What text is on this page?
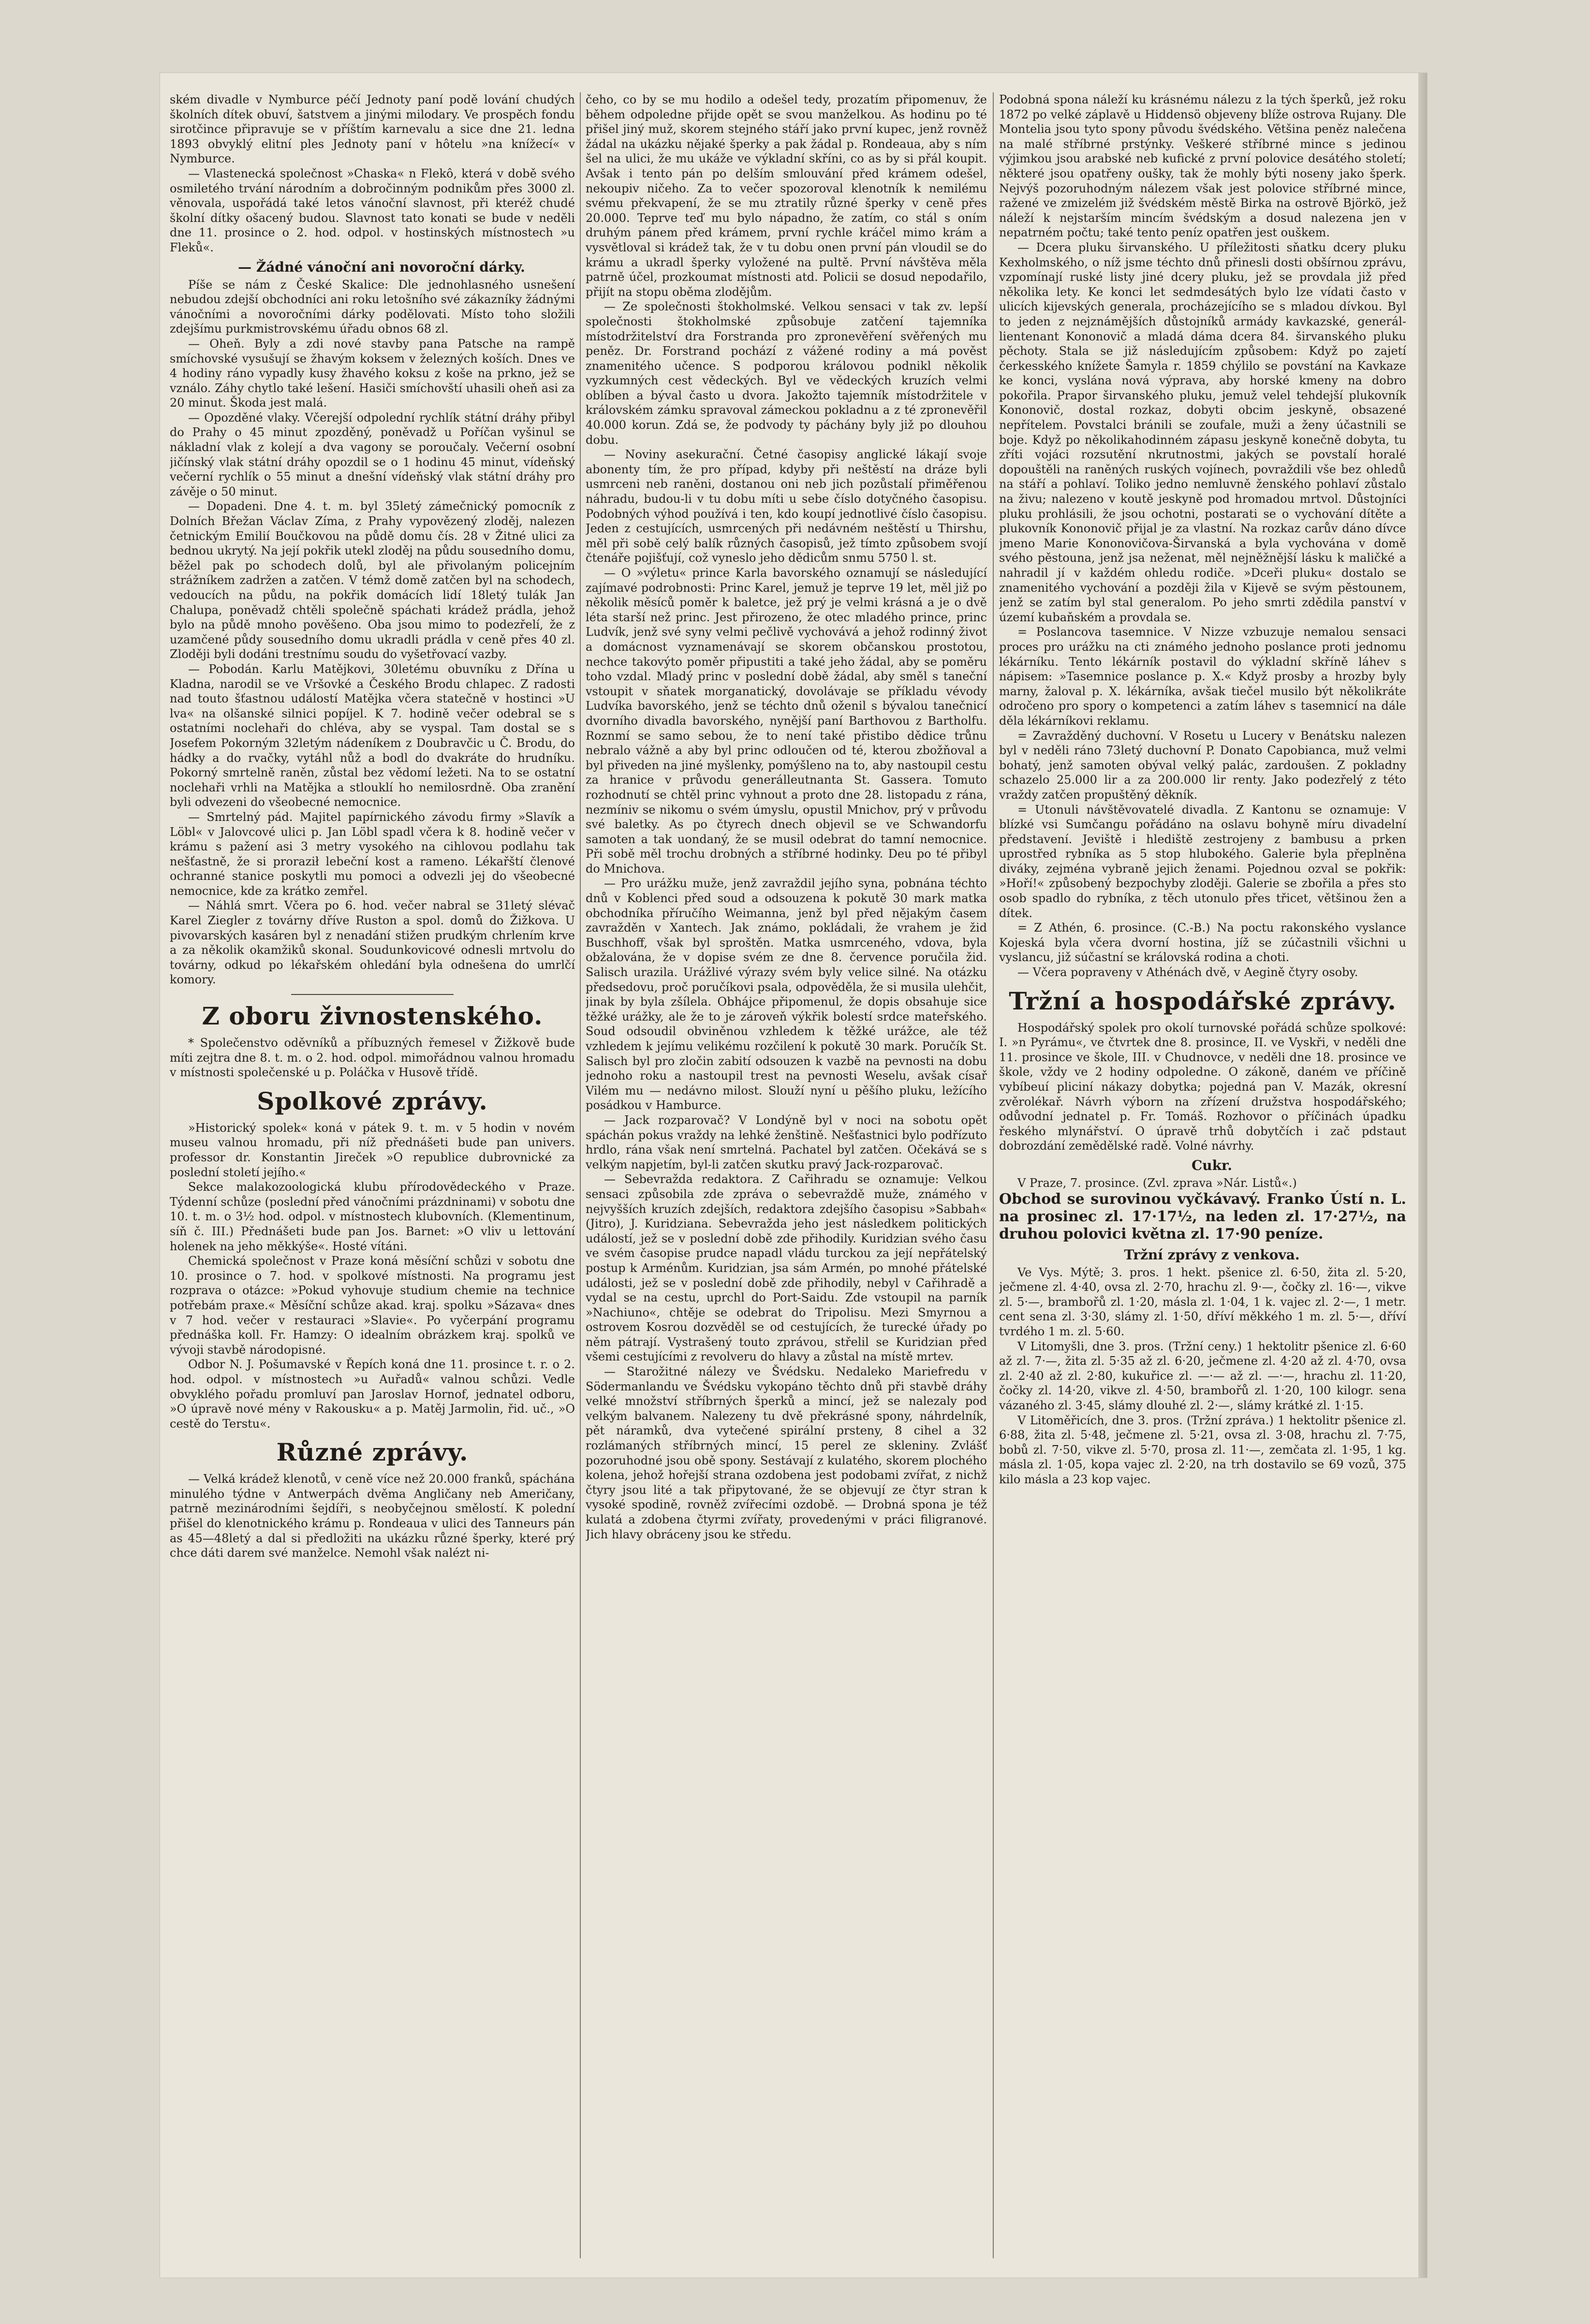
ském divadle v Nymburce péčí Jednoty paní podě lování chudých školních dítek obuví, šatstvem a jinými milodary. Ve prospěch fondu sirotčince připravuje se v příštím karnevalu a sice dne 21. ledna 1893 obvyklý elitní ples Jednoty paní v hôtelu »na knížecí« v Nymburce.

— Vlastenecká společnost »Chaska« n Flekô, která v době svého osmiletého trvání národním a dobročinným podnikům přes 3000 zl. věnovala, uspořádá také letos vánoční slavnost, při kteréž chudé školní dítky ošacený budou. Slavnost tato konati se bude v neděli dne 11. prosince o 2. hod. odpol. v hostinských místnostech »u Fleků«.

— Žádné vánoční ani novoroční dárky.

Píše se nám z České Skalice: Dle jednohlasného usnešení nebudou zdejší obchodníci ani roku letošního své zákazníky žádnými vánočními a novoročními dárky podělovati. Místo toho složili zdejšímu purkmistrovskému úřadu obnos 68 zl.

— Oheň. Byly a zdi nové stavby pana Patsche na rampě smíchovské vysušují se žhavým koksem v železných koších. Dnes ve 4 hodiny ráno vypadly kusy žhavého koksu z koše na prkno, jež se vználo. Záhy chytlo také lešení. Hasiči smíchovští uhasili oheň asi za 20 minut. Škoda jest malá.

— Opozděné vlaky. Včerejší odpolední rychlík státní dráhy přibyl do Prahy o 45 minut zpozděný, poněvadž u Poříčan vyšinul se nákladní vlak z kolejí a dva vagony se poroučaly. Večerní osobní jičínský vlak státní dráhy opozdil se o 1 hodinu 45 minut, vídeňský večerní rychlík o 55 minut a dnešní vídeňský vlak státní dráhy pro závěje o 50 minut.

— Dopadeni. Dne 4. t. m. byl 35letý zámečnický pomocník z Dolních Břežan Václav Zíma, z Prahy vypovězený zloděj, nalezen četnickým Emilií Boučkovou na půdě domu čís. 28 v Žitné ulici za bednou ukrytý. Na její pokřik utekl zloděj na půdu sousedního domu, běžel pak po schodech dolů, byl ale přivolaným policejním strážníkem zadržen a zatčen. V témž domě zatčen byl na schodech, vedoucích na půdu, na pokřik domácích lidí 18letý tulák Jan Chalupa, poněvadž chtěli společně spáchati krádež prádla, jehož bylo na půdě mnoho pověšeno. Oba jsou mimo to podezřelí, že z uzamčené půdy sousedního domu ukradli prádla v ceně přes 40 zl. Zloději byli dodáni trestnímu soudu do vyšetřovací vazby.

— Pobodán. Karlu Matějkovi, 30letému obuvníku z Dřína u Kladna, narodil se ve Vršovké a Českého Brodu chlapec. Z radosti nad touto šťastnou událostí Matějka včera statečně v hostinci »U lva« na olšanské silnici popíjel. K 7. hodině večer odebral se s ostatními noclehaři do chléva, aby se vyspal. Tam dostal se s Josefem Pokorným 32letým nádeníkem z Doubravčic u Č. Brodu, do hádky a do rvačky, vytáhl nůž a bodl do dvakráte do hrudníku. Pokorný smrtelně raněn, zůstal bez vědomí ležeti. Na to se ostatní noclehaři vrhli na Matějka a stlouklí ho nemilosrdně. Oba zranění byli odvezeni do všeobecné nemocnice.

— Smrtelný pád. Majitel papírnického závodu firmy »Slavík a Löbl« v Jalovcové ulici p. Jan Löbl spadl včera k 8. hodině večer v krámu s pažení asi 3 metry vysokého na cihlovou podlahu tak nešťastně, že si proraził lebeční kost a rameno. Lékařští členové ochranné stanice poskytli mu pomoci a odvezli jej do všeobecné nemocnice, kde za krátko zemřel.

— Náhlá smrt. Včera po 6. hod. večer nabral se 31letý slévač Karel Ziegler z továrny dříve Ruston a spol. domů do Žižkova. U pivovarských kasáren byl z nenadání stižen prudkým chrlením krve a za několik okamžiků skonal. Soudunkovicové odnesli mrtvolu do továrny, odkud po lékařském ohledání byla odnešena do umrlčí komory.

Z oboru živnostenského.

* Společenstvo oděvníků a příbuzných řemesel v Žižkově bude míti zejtra dne 8. t. m. o 2. hod. odpol. mimořádnou valnou hromadu v místnosti společenské u p. Poláčka v Husově třídě.

Spolkové zprávy.

»Historický spolek« koná v pátek 9. t. m. v 5 hodin v novém museu valnou hromadu, při níž přednášeti bude pan univers. professor dr. Konstantin Jireček »O republice dubrovnické za poslední století jejího.«

Sekce malakozoologická klubu přírodovědeckého v Praze. Týdenní schůze (poslední před vánočními prázdninami) v sobotu dne 10. t. m. o 3½ hod. odpol. v místnostech klubovních. (Klementinum, síň č. III.) Přednášeti bude pan Jos. Barnet: »O vliv u lettování holenek na jeho měkkýše«. Hosté vítáni.

Chemická společnost v Praze koná měsíční schůzi v sobotu dne 10. prosince o 7. hod. v spolkové místnosti. Na programu jest rozprava o otázce: »Pokud vyhovuje studium chemie na technice potřebám praxe.« Měsíční schůze akad. kraj. spolku »Sázava« dnes v 7 hod. večer v restauraci »Slavie«. Po vyčerpání programu přednáška koll. Fr. Hamzy: O idealním obrázkem kraj. spolků ve vývoji stavbě národopisné.

Odbor N. J. Pošumavské v Řepích koná dne 11. prosince t. r. o 2. hod. odpol. v místnostech »u Auřadů« valnou schůzi. Vedle obvyklého pořadu promluví pan Jaroslav Hornof, jednatel odboru, »O úpravě nové mény v Rakousku« a p. Matěj Jarmolin, řid. uč., »O cestě do Terstu«.

Různé zprávy.

— Velká krádež klenotů, v ceně více než 20.000 franků, spáchána minulého týdne v Antwerpách dvěma Angličany neb Američany, patrně mezinárodními šejdíři, s neobyčejnou smělostí. K polední přišel do klenotnického krámu p. Rondeaua v ulici des Tanneurs pán as 45—48letý a dal si předložiti na ukázku různé šperky, které prý chce dáti darem své manželce. Nemohl však nalézt ni-

čeho, co by se mu hodilo a odešel tedy, prozatím připomenuv, že během odpoledne přijde opět se svou manželkou. As hodinu po té přišel jiný muž, skorem stejného stáří jako první kupec, jenž rovněž žádal na ukázku nějaké šperky a pak žádal p. Rondeaua, aby s ním šel na ulici, že mu ukáže ve výkladní skříni, co as by si přál koupit. Avšak i tento pán po delším smlouvání před krámem odešel, nekoupiv ničeho. Za to večer spozoroval klenotník k nemilému svému překvapení, že se mu ztratily různé šperky v ceně přes 20.000. Teprve teď mu bylo nápadno, že zatím, co stál s oním druhým pánem před krámem, první rychle kráčel mimo krám a vysvětloval si krádež tak, že v tu dobu onen první pán vloudil se do krámu a ukradl šperky vyložené na pultě. První návštěva měla patrně účel, prozkoumat místnosti atd. Policii se dosud nepodařilo, přijít na stopu oběma zlodějům.

— Ze společnosti štokholmské. Velkou sensaci v tak zv. lepší společnosti štokholmské způsobuje zatčení tajemníka místodržitelství dra Forstranda pro zpronevěření svěřených mu peněz. Dr. Forstrand pochází z vážené rodiny a má pověst znamenitého učence. S podporou královou podnikl několik vyzkumných cest vědeckých. Byl ve vědeckých kruzích velmi oblíben a býval často u dvora. Jakožto tajemník místodržitele v královském zámku spravoval zámeckou pokladnu a z té zpronevěřil 40.000 korun. Zdá se, že podvody ty páchány byly již po dlouhou dobu.

— Noviny asekurační. Četné časopisy anglické lákají svoje abonenty tím, že pro případ, kdyby při neštěstí na dráze byli usmrceni neb raněni, dostanou oni neb jich pozůstalí přiměřenou náhradu, budou-li v tu dobu míti u sebe číslo dotyčného časopisu. Podobných výhod používá i ten, kdo koupí jednotlivé číslo časopisu. Jeden z cestujících, usmrcených při nedávném neštěstí u Thirshu, měl při sobě celý balík různých časopisů, jež tímto způsobem svojí čtenáře pojišťují, což vyneslo jeho dědicům snmu 5750 l. st.

— O »výletu« prince Karla bavorského oznamují se následující zajímavé podrobnosti: Princ Karel, jemuž je teprve 19 let, měl již po několik měsíců poměr k baletce, jež prý je velmi krásná a je o dvě léta starší než princ. Jest přirozeno, že otec mladého prince, princ Ludvík, jenž své syny velmi pečlivě vychovává a jehož rodinný život a domácnost vyznamenávají se skorem občanskou prostotou, nechce takovýto poměr připustiti a také jeho žádal, aby se poměru toho vzdal. Mladý princ v poslední době žádal, aby směl s taneční vstoupit v sňatek morganatický, dovolávaje se příkladu vévody Ludvíka bavorského, jenž se téchto dnů oženil s bývalou tanečnicí dvorního divadla bavorského, nynější paní Barthovou z Bartholfu. Roznmí se samo sebou, že to není také přistibo dědice trůnu nebralo vážně a aby byl princ odloučen od té, kterou zbožňoval a byl přiveden na jiné myšlenky, pomýšleno na to, aby nastoupil cestu za hranice v průvodu generálleutnanta St. Gassera. Tomuto rozhodnutí se chtěl princ vyhnout a proto dne 28. listopadu z rána, nezmíniv se nikomu o svém úmyslu, opustil Mnichov, prý v průvodu své baletky. As po čtyrech dnech objevil se ve Schwandorfu samoten a tak uondaný, že se musil odebrat do tamní nemocnice. Při sobě měl trochu drobných a stříbrné hodinky. Deu po té přibyl do Mnichova.

— Pro urážku muže, jenž zavraždil jejího syna, pobnána téchto dnů v Koblenci před soud a odsouzena k pokutě 30 mark matka obchodníka příručího Weimanna, jenž byl před nějakým časem zavražděn v Xantech. Jak známo, pokládali, že vrahem je žid Buschhoff, však byl sproštěn. Matka usmrceného, vdova, byla obžalována, že v dopise svém ze dne 8. července poručila žid. Salisch urazila. Urážlivé výrazy svém byly velice silné. Na otázku předsedovu, proč poručíkovi psala, odpověděla, že si musila ulehčit, jinak by byla zšílela. Obhájce připomenul, že dopis obsahuje sice těžké urážky, ale že to je zároveň výkřik bolestí srdce mateřského. Soud odsoudil obviněnou vzhledem k těžké urážce, ale též vzhledem k jejímu velikému rozčilení k pokutě 30 mark. Poručík St. Salisch byl pro zločin zabití odsouzen k vazbě na pevnosti na dobu jednoho roku a nastoupil trest na pevnosti Weselu, avšak císař Vilém mu — nedávno milost. Slouží nyní u pěšího pluku, ležícího posádkou v Hamburce.

— Jack rozparovač? V Londýně byl v noci na sobotu opět spáchán pokus vraždy na lehké ženštině. Nešťastnici bylo podřízuto hrdlo, rána však není smrtelná. Pachatel byl zatčen. Očekává se s velkým napjetím, byl-li zatčen skutku pravý Jack-rozparovač.

— Sebevražda redaktora. Z Cařihradu se oznamuje: Velkou sensaci způsobila zde zpráva o sebevraždě muže, známého v nejvyšších kruzích zdejších, redaktora zdejšího časopisu »Sabbah« (Jitro), J. Kuridziana. Sebevražda jeho jest následkem politických událostí, jež se v poslední době zde přihodily. Kuridzian svého času ve svém časopise prudce napadl vládu turckou za její nepřátelský postup k Arménům. Kuridzian, jsa sám Armén, po mnohé přátelské události, jež se v poslední době zde přihodily, nebyl v Cařihradě a vydal se na cestu, uprchl do Port-Saidu. Zde vstoupil na parník »Nachiuno«, chtěje se odebrat do Tripolisu. Mezi Smyrnou a ostrovem Kosrou dozvěděl se od cestujících, že turecké úřady po něm pátrají. Vystrašený touto zprávou, střelil se Kuridzian před všemi cestujícími z revolveru do hlavy a zůstal na místě mrtev.

— Starožitné nálezy ve Švédsku. Nedaleko Mariefredu v Södermanlandu ve Švédsku vykopáno těchto dnů při stavbě dráhy velké množství stříbrných šperků a mincí, jež se nalezaly pod velkým balvanem. Nalezeny tu dvě překrásné spony, náhrdelník, pět náramků, dva vytečené spirální prsteny, 8 cihel a 32 rozlámaných stříbrných mincí, 15 perel ze skleniny. Zvlášť pozoruhodné jsou obě spony. Sestávají z kulatého, skorem plochého kolena, jehož hořejší strana ozdobena jest podobami zvířat, z nichž čtyry jsou lité a tak připytované, že se objevují ze čtyr stran k vysoké spodině, rovněž zvířecími ozdobě. — Drobná spona je též kulatá a zdobena čtyrmi zvířaty, provedenými v práci filigranové. Jich hlavy obráceny jsou ke středu.

Podobná spona náleží ku krásnému nálezu z la tých šperků, jež roku 1872 po velké záplavě u Hiddensö objeveny blíže ostrova Rujany. Dle Montelia jsou tyto spony původu švédského. Většina peněz nalečena na malé stříbrné prstýnky. Veškeré stříbrné mince s jedinou výjimkou jsou arabské neb kufické z první polovice desátého století; některé jsou opatřeny oušky, tak že mohly býti noseny jako šperk. Nejvýš pozoruhodným nálezem však jest polovice stříbrné mince, ražené ve zmizelém již švédském městě Birka na ostrově Björkö, jež náleží k nejstarším mincím švédským a dosud nalezena jen v nepatrném počtu; také tento peníz opatřen jest ouškem.

— Dcera pluku širvanského. U příležitosti sňatku dcery pluku Kexholmského, o níž jsme téchto dnů přinesli dosti obšírnou zprávu, vzpomínají ruské listy jiné dcery pluku, jež se provdala již před několika lety. Ke konci let sedmdesátých bylo lze vídati často v ulicích kijevských generala, procházejícího se s mladou dívkou. Byl to jeden z nejznámějších důstojníků armády kavkazské, generál-lientenant Kononovič a mladá dáma dcera 84. širvanského pluku pěchoty. Stala se již následujícím způsobem: Když po zajetí čerkesského knížete Šamyla r. 1859 chýlilo se povstání na Kavkaze ke konci, vyslána nová výprava, aby horské kmeny na dobro pokořila. Prapor širvanského pluku, jemuž velel tehdejší plukovník Kononovič, dostal rozkaz, dobyti obcim jeskyně, obsazené nepřítelem. Povstalci bránili se zoufale, muži a ženy účastnili se boje. Když po několikahodinném zápasu jeskyně konečně dobyta, tu zříti vojáci rozsutění nkrutnostmi, jakých se povstalí horalé dopouštěli na raněných ruských vojínech, povraždili vše bez ohledů na stáří a pohlaví. Toliko jedno nemluvně ženského pohlaví zůstalo na živu; nalezeno v koutě jeskyně pod hromadou mrtvol. Důstojníci pluku prohlásili, že jsou ochotni, postarati se o vychování dítěte a plukovník Kononovič přijal je za vlastní. Na rozkaz carův dáno dívce jmeno Marie Kononovičova-Širvanská a byla vychována v domě svého pěstouna, jenž jsa neženat, měl nejněžnější lásku k maličké a nahradil jí v každém ohledu rodiče. »Dceři pluku« dostalo se znamenitého vychování a později žila v Kijevě se svým pěstounem, jenž se zatím byl stal generalom. Po jeho smrti zdědila panství v území kubaňském a provdala se.

= Poslancova tasemnice. V Nizze vzbuzuje nemalou sensaci proces pro urážku na cti známého jednoho poslance proti jednomu lékárníku. Tento lékárník postavil do výkladní skříně láhev s nápisem: »Tasemnice poslance p. X.« Když prosby a hrozby byly marny, žaloval p. X. lékárníka, avšak tiečel musilo být několikráte odročeno pro spory o kompetenci a zatím láhev s tasemnicí na dále děla lékárníkovi reklamu.

= Zavražděný duchovní. V Rosetu u Lucery v Benátsku nalezen byl v neděli ráno 73letý duchovní P. Donato Capobianca, muž velmi bohatý, jenž samoten obýval velký palác, zardoušen. Z pokladny schazelo 25.000 lir a za 200.000 lir renty. Jako podezřelý z této vraždy zatčen propuštěný děkník.

= Utonuli návštěvovatelé divadla. Z Kantonu se oznamuje: V blízké vsi Sumčangu pořádáno na oslavu bohyně míru divadelní představení. Jeviště i hlediště zestrojeny z bambusu a prken uprostřed rybníka as 5 stop hlubokého. Galerie byla přeplněna diváky, zejména vybraně jejich ženami. Pojednou ozval se pokřik: »Hoří!« způsobený bezpochyby zloději. Galerie se zbořila a přes sto osob spadlo do rybníka, z těch utonulo přes třicet, většinou žen a dítek.

= Z Athén, 6. prosince. (C.-B.) Na poctu rakonského vyslance Kojeská byla včera dvorní hostina, jíž se zúčastnili všichni u vyslancu, již súčastní se královská rodina a choti.

— Včera popraveny v Athénách dvě, v Aegině čtyry osoby.

Tržní a hospodářské zprávy.

Hospodářský spolek pro okolí turnovské pořádá schůze spolkové: I. »n Pyrámu«, ve čtvrtek dne 8. prosince, II. ve Vyskři, v neděli dne 11. prosince ve škole, III. v Chudnovce, v neděli dne 18. prosince ve škole, vždy ve 2 hodiny odpoledne. O zákoně, daném ve příčině vybíbeuí pliciní nákazy dobytka; pojedná pan V. Mazák, okresní zvěrolékař. Návrh výborn na zřízení družstva hospodářského; odůvodní jednatel p. Fr. Tomáš. Rozhovor o příčinách úpadku řeského mlynářství. O úpravě trhů dobytčích i zač pdstaut dobrozdání zemědělské radě. Volné návrhy.

Cukr.

V Praze, 7. prosince. (Zvl. zprava »Nár. Listů«.)

Obchod se surovinou vyčkávavý. Franko Ústí n. L. na prosinec zl. 17·17½, na leden zl. 17·27½, na druhou polovici května zl. 17·90 peníze.

Tržní zprávy z venkova.

Ve Vys. Mýtě; 3. pros. 1 hekt. pšenice zl. 6·50, žita zl. 5·20, ječmene zl. 4·40, ovsa zl. 2·70, hrachu zl. 9·—, čočky zl. 16·—, vikve zl. 5·—, brambořů zl. 1·20, másla zl. 1·04, 1 k. vajec zl. 2·—, 1 metr. cent sena zl. 3·30, slámy zl. 1·50, dříví měkkého 1 m. zl. 5·—, dříví tvrdého 1 m. zl. 5·60.

V Litomyšli, dne 3. pros. (Tržní ceny.) 1 hektolitr pšenice zl. 6·60 až zl. 7·—, žita zl. 5·35 až zl. 6·20, ječmene zl. 4·20 až zl. 4·70, ovsa zl. 2·40 až zl. 2·80, kukuřice zl. —·— až zl. —·—, hrachu zl. 11·20, čočky zl. 14·20, vikve zl. 4·50, brambořů zl. 1·20, 100 kilogr. sena vázaného zl. 3·45, slámy dlouhé zl. 2·—, slámy krátké zl. 1·15.

V Litoměřicích, dne 3. pros. (Tržní zpráva.) 1 hektolitr pšenice zl. 6·88, žita zl. 5·48, ječmene zl. 5·21, ovsa zl. 3·08, hrachu zl. 7·75, bobů zl. 7·50, vikve zl. 5·70, prosa zl. 11·—, zemčata zl. 1·95, 1 kg. másla zl. 1·05, kopa vajec zl. 2·20, na trh dostavilo se 69 vozů, 375 kilo másla a 23 kop vajec.
